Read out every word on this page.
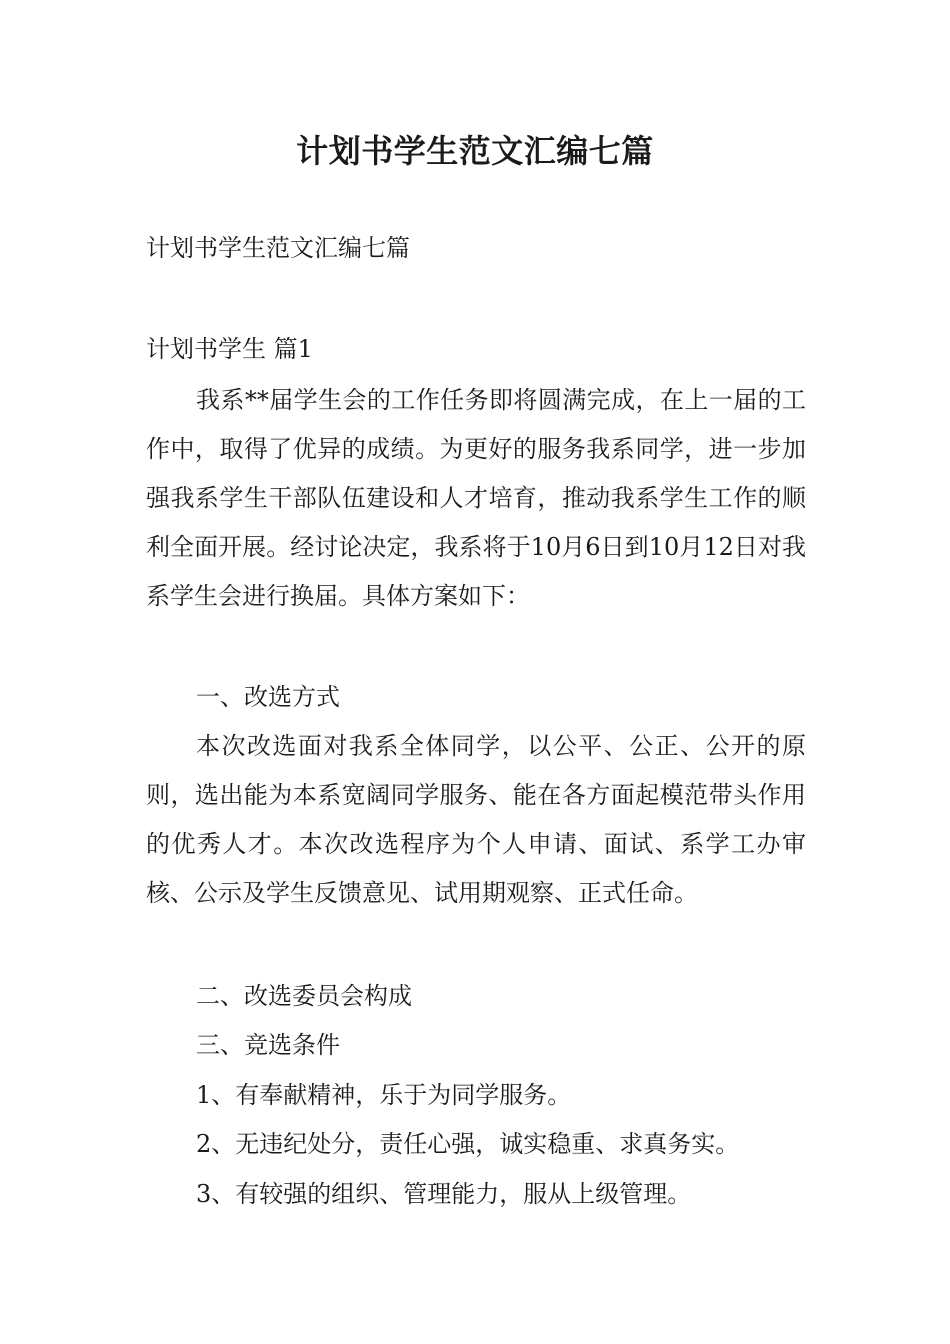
计划书学生范文汇编七篇
计划书学生范文汇编七篇
计划书学生 篇1
我系**届学生会的工作任务即将圆满完成，在上一届的工作中，取得了优异的成绩。为更好的服务我系同学，进一步加强我系学生干部队伍建设和人才培育，推动我系学生工作的顺利全面开展。经讨论决定，我系将于10月6日到10月12日对我系学生会进行换届。具体方案如下：
一、改选方式
本次改选面对我系全体同学，以公平、公正、公开的原则，选出能为本系宽阔同学服务、能在各方面起模范带头作用的优秀人才。本次改选程序为个人申请、面试、系学工办审核、公示及学生反馈意见、试用期观察、正式任命。
二、改选委员会构成
三、竞选条件
1、有奉献精神，乐于为同学服务。
2、无违纪处分，责任心强，诚实稳重、求真务实。
3、有较强的组织、管理能力，服从上级管理。
